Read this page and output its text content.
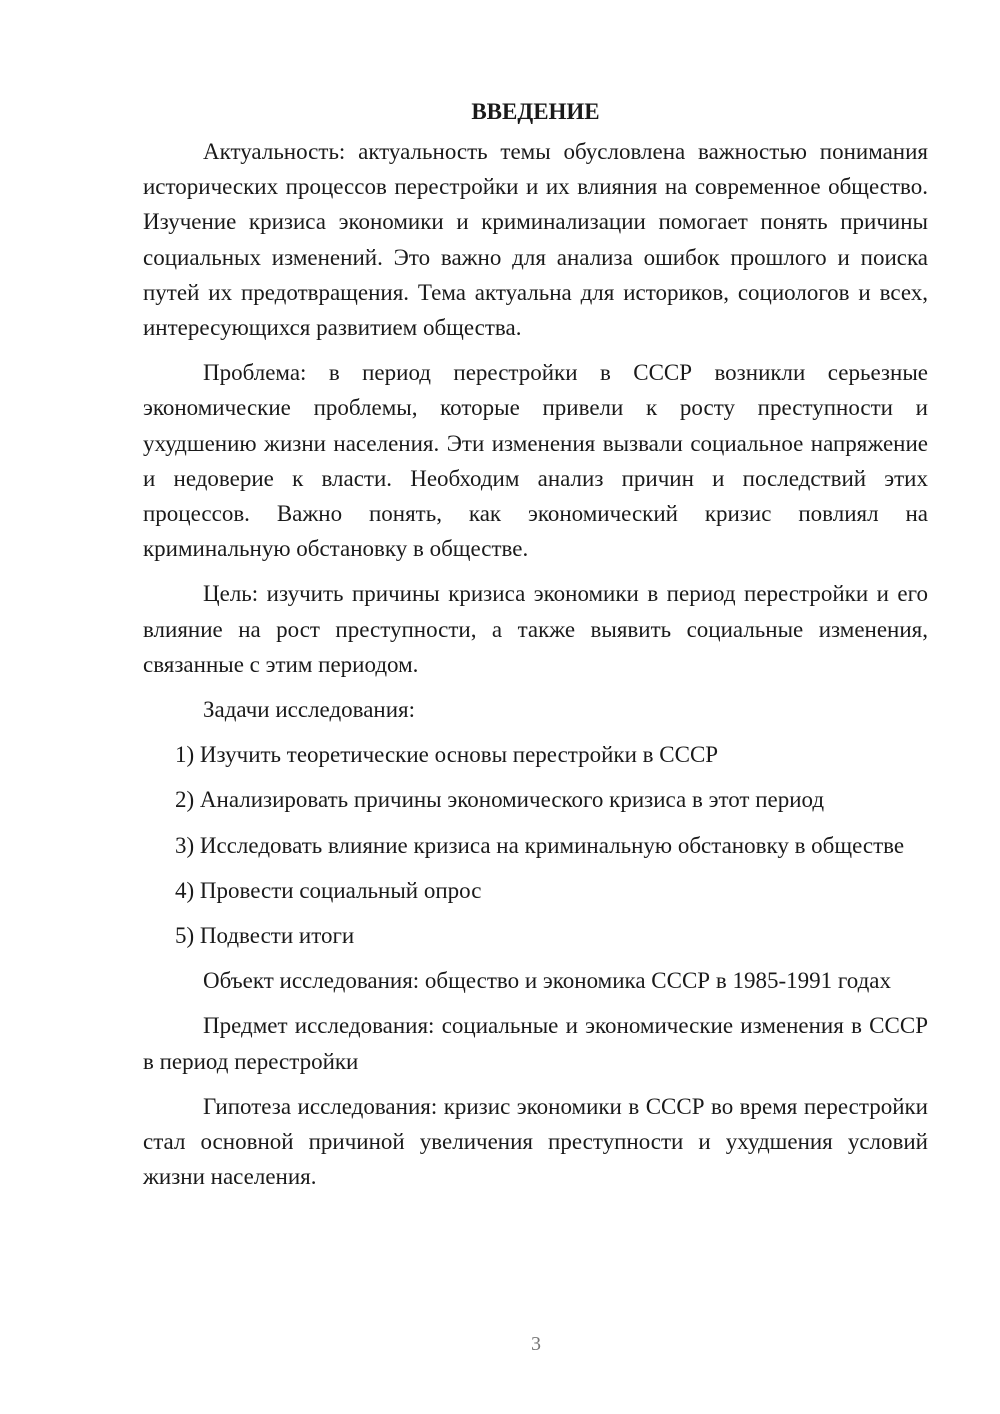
ВВЕДЕНИЕ

Актуальность: актуальность темы обусловлена важностью понимания исторических процессов перестройки и их влияния на современное общество. Изучение кризиса экономики и криминализации помогает понять причины социальных изменений. Это важно для анализа ошибок прошлого и поиска путей их предотвращения. Тема актуальна для историков, социологов и всех, интересующихся развитием общества.

Проблема: в период перестройки в СССР возникли серьезные экономические проблемы, которые привели к росту преступности и ухудшению жизни населения. Эти изменения вызвали социальное напряжение и недоверие к власти. Необходим анализ причин и последствий этих процессов. Важно понять, как экономический кризис повлиял на криминальную обстановку в обществе.

Цель: изучить причины кризиса экономики в период перестройки и его влияние на рост преступности, а также выявить социальные изменения, связанные с этим периодом.

Задачи исследования:

1) Изучить теоретические основы перестройки в СССР

2) Анализировать причины экономического кризиса в этот период

3) Исследовать влияние кризиса на криминальную обстановку в обществе

4) Провести социальный опрос

5) Подвести итоги

Объект исследования: общество и экономика СССР в 1985-1991 годах

Предмет исследования: социальные и экономические изменения в СССР в период перестройки

Гипотеза исследования: кризис экономики в СССР во время перестройки стал основной причиной увеличения преступности и ухудшения условий жизни населения.

3
